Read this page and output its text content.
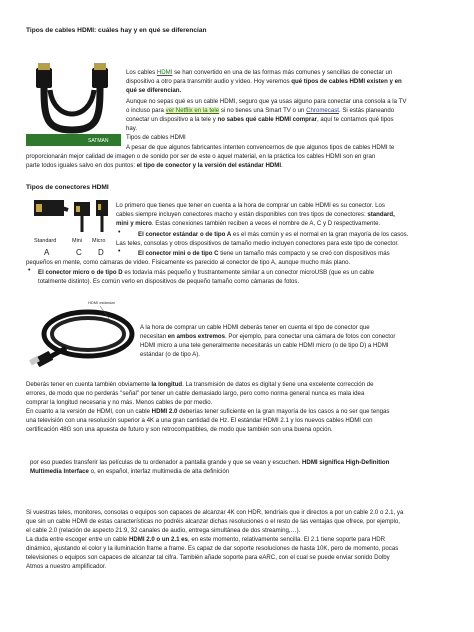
Tipos de cables HDMI: cuáles hay y en qué se diferencian
SATMAN
Los cables HDMI se han convertido en una de las formas más comunes y sencillas de conectar un
dispositivo a otro para transmitir audio y vídeo. Hoy veremos qué tipos de cables HDMI existen y en
qué se diferencian.
Aunque no sepas qué es un cable HDMI, seguro que ya usas alguno para conectar una consola a la TV
o incluso para ver Netflix en la tele si no tienes una Smart TV o un Chromecast. Si estás planeando
conectar un dispositivo a la tele y no sabes qué cable HDMI comprar, aquí te contamos qué tipos
hay.
Tipos de cables HDMI
A pesar de que algunos fabricantes intenten convencernos de que algunos tipos de cables HDMI te
proporcionarán mejor calidad de imagen o de sonido por ser de este o aquel material, en la práctica los cables HDMI son en gran
parte todos iguales salvo en dos puntos: el tipo de conector y la versión del estándar HDMI.
Tipos de conectores HDMI
Standard	Mini Micro
A	C D
Lo primero que tienes que tener en cuenta a la hora de comprar un cable HDMI es su conector. Los
cables siempre incluyen conectores macho y están disponibles con tres tipos de conectores: standard,
mini y micro. Estas conexiones también reciben a veces el nombre de A, C y D respectivamente.
•	El conector estándar o de tipo A es el más común y es el normal en la gran mayoría de los casos.
Las teles, consolas y otros dispositivos de tamaño medio incluyen conectores para este tipo de conector.
•	El conector mini o de tipo C tiene un tamaño más compacto y se creó con dispositivos más
pequeños en mente, como cámaras de vídeo. Físicamente es parecido al conector de tipo A, aunque mucho más plano.
• El conector micro o de tipo D es todavía más pequeño y frustrantemente similar a un conector microUSB (que es un cable
totalmente distinto). Es común verlo en dispositivos de pequeño tamaño como cámaras de fotos.
HDMI estándar
A la hora de comprar un cable HDMI deberás tener en cuenta el tipo de conector que
necesitan en ambos extremos. Por ejemplo, para conectar una cámara de fotos con conector
HDMI micro a una tele generalmente necesitarás un cable HDMI micro (o de tipo D) a HDMI
estándar (o de tipo A).
Deberás tener en cuenta también obviamente la longitud. La transmisión de datos es digital y tiene una excelente corrección de
errores, de modo que no perderás "señal" por tener un cable demasiado largo, pero como norma general nunca es mala idea
comprar la longitud necesaria y no más. Menos cables de por medio.
En cuanto a la versión de HDMI, con un cable HDMI 2.0 deberías tener suficiente en la gran mayoría de los casos a no ser que tengas
una televisión con una resolución superior a 4K a una gran cantidad de Hz. El estándar HDMI 2.1 y los nuevos cables HDMI con
certificación 48G son una apuesta de futuro y son retrocompatibles, de modo que también son una buena opción.
por eso puedes transferir las películas de tu ordenador a pantalla grande y que se vean y escuchen. HDMI significa High-Definition
Multimedia Interface o, en español, interfaz multimedia de alta definición
Si vuestras teles, monitores, consolas o equipos son capaces de alcanzar 4K con HDR, tendríais que ir directos a por un cable 2.0 o 2.1, ya
que sin un cable HDMI de estas características no podréis alcanzar dichas resoluciones o el resto de las ventajas que ofrece, por ejemplo,
el cable 2.0 (relación de aspecto 21:9, 32 canales de audio, entrega simultánea de dos streaming,…).
La duda entre escoger entre un cable HDMI 2.0 o un 2.1 es, en este momento, relativamente sencilla. El 2.1 tiene soporte para HDR
dinámico, ajustando el color y la iluminación frame a frame. Es capaz de dar soporte resoluciones de hasta 10K, pero de momento, pocas
televisiones o equipos son capaces de alcanzar tal cifra. También añade soporte para eARC, con el cual se puede enviar sonido Dolby
Atmos a nuestro amplificador.
